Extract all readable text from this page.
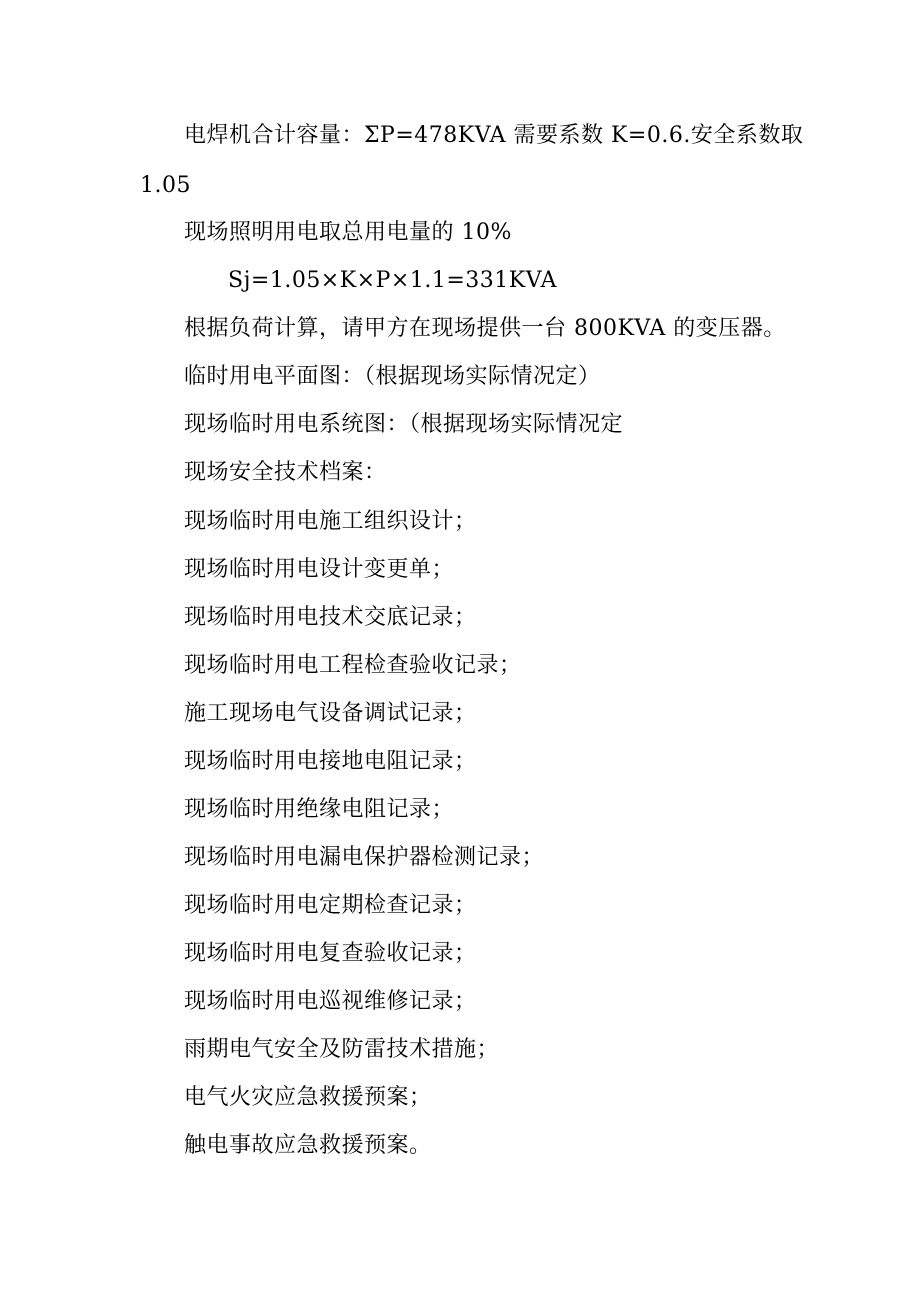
电焊机合计容量：ΣP=478KVA 需要系数 K=0.6.安全系数取
1.05
现场照明用电取总用电量的 10%
Sj=1.05×K×P×1.1=331KVA
根据负荷计算，请甲方在现场提供一台 800KVA 的变压器。
临时用电平面图：（根据现场实际情况定）
现场临时用电系统图：（根据现场实际情况定
现场安全技术档案：
现场临时用电施工组织设计；
现场临时用电设计变更单；
现场临时用电技术交底记录；
现场临时用电工程检查验收记录；
施工现场电气设备调试记录；
现场临时用电接地电阻记录；
现场临时用绝缘电阻记录；
现场临时用电漏电保护器检测记录；
现场临时用电定期检查记录；
现场临时用电复查验收记录；
现场临时用电巡视维修记录；
雨期电气安全及防雷技术措施；
电气火灾应急救援预案；
触电事故应急救援预案。
